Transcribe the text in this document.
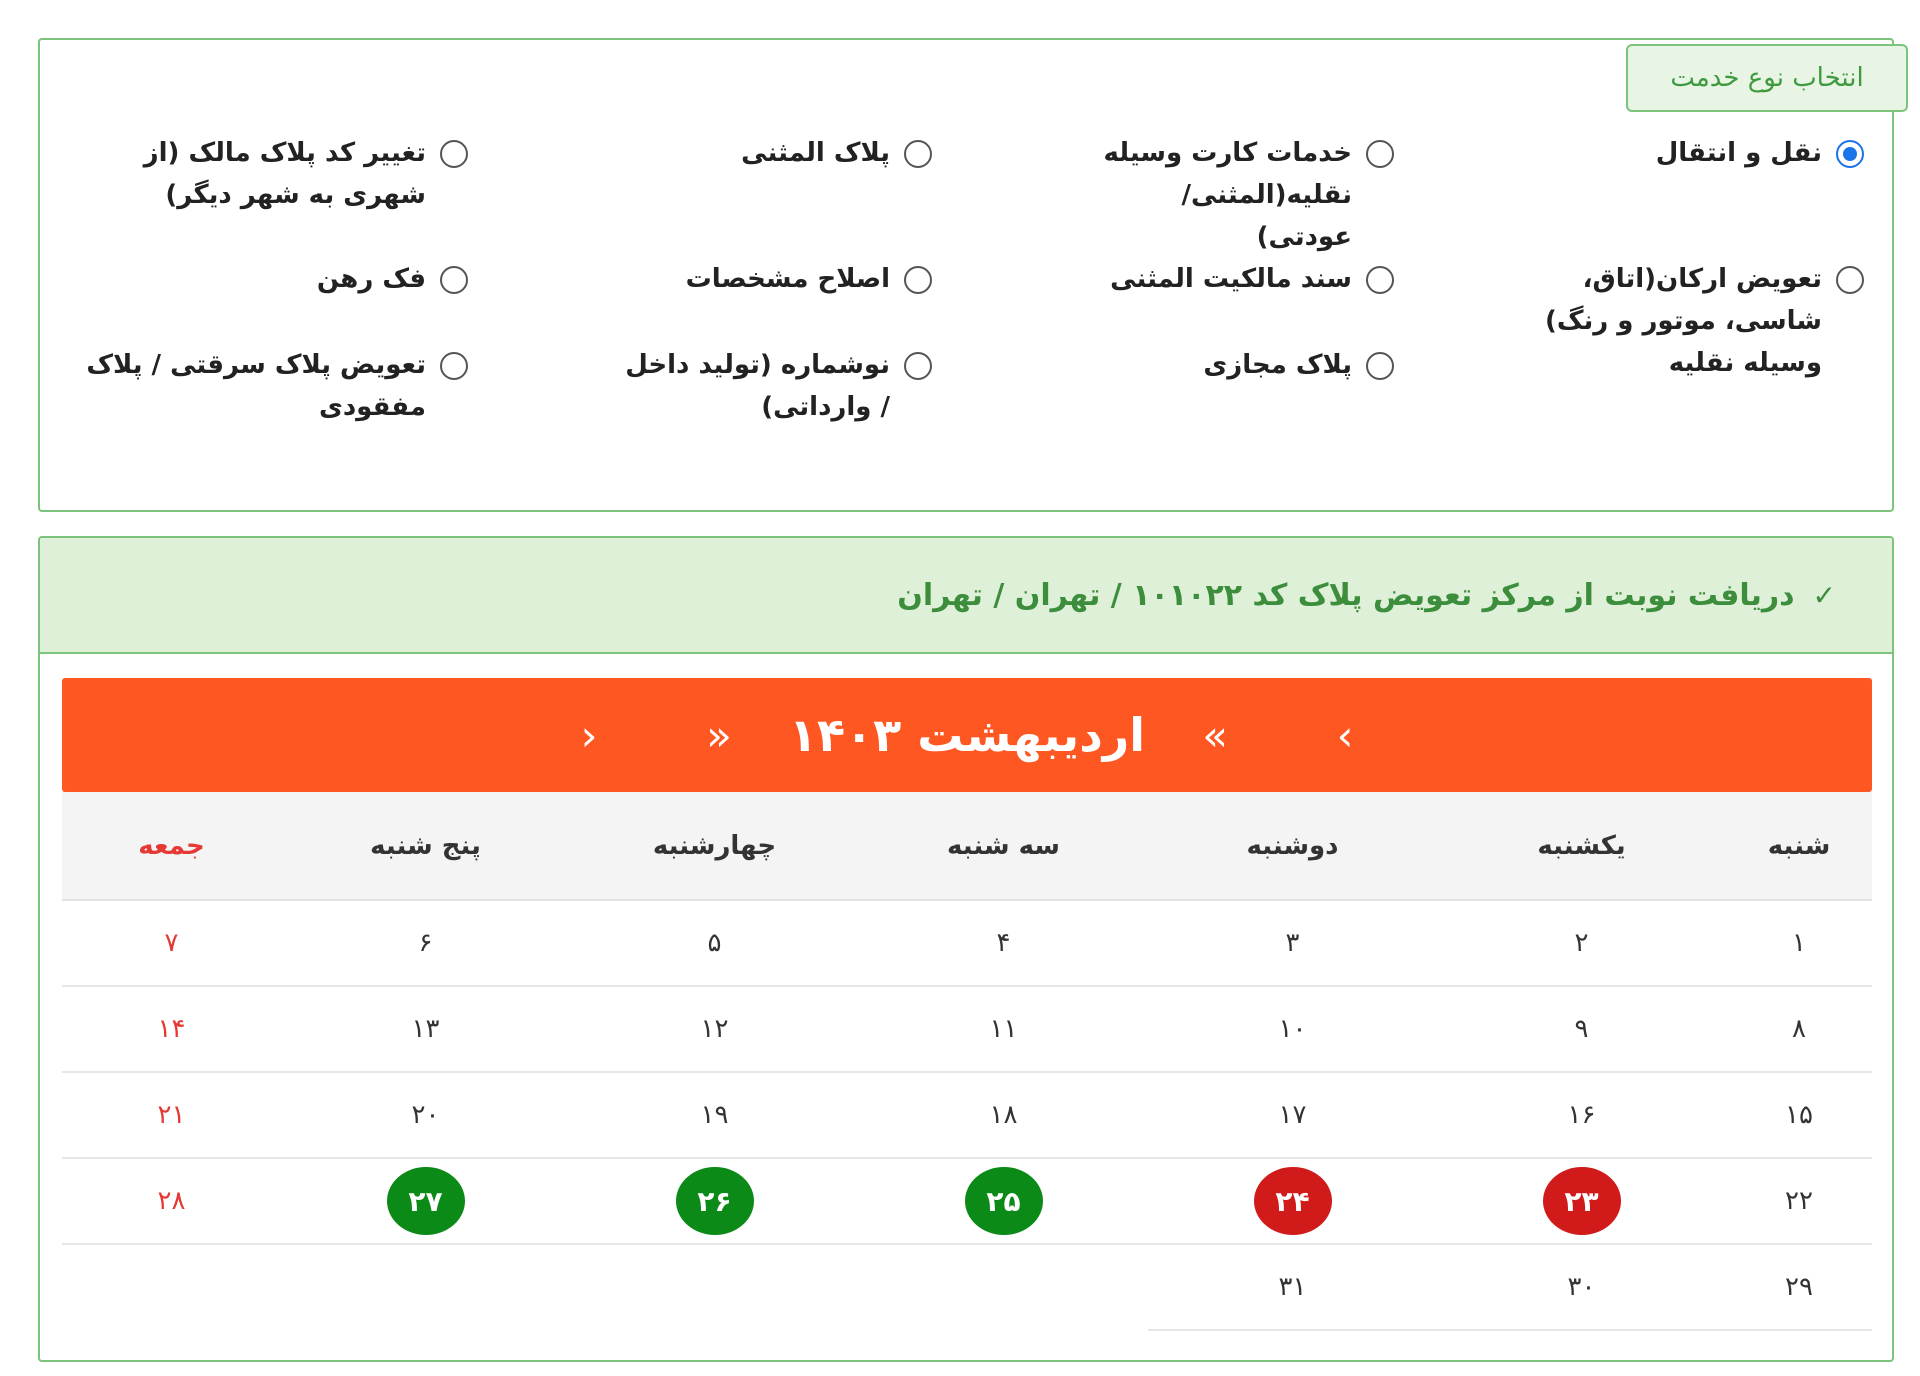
انتخاب نوع خدمت
نقل و انتقال
خدمات کارت وسیله نقلیه(المثنی/عودتی)
پلاک المثنی
تغییر کد پلاک مالک (از شهری به شهر دیگر)
تعویض ارکان(اتاق، شاسی، موتور و رنگ) وسیله نقلیه
سند مالکیت المثنی
اصلاح مشخصات
فک رهن
پلاک مجازی
نوشماره (تولید داخل / وارداتی)
تعویض پلاک سرقتی / پلاک مفقودی
✓
دریافت نوبت از مرکز تعویض پلاک کد ۱۰۱۰۲۲ / تهران / تهران
›
»
اردیبهشت ۱۴۰۳
«
‹
شنبه	یکشنبه	دوشنبه	سه شنبه	چهارشنبه	پنج شنبه	جمعه
۱	۲	۳	۴	۵	۶	۷
۸	۹	۱۰	۱۱	۱۲	۱۳	۱۴
۱۵	۱۶	۱۷	۱۸	۱۹	۲۰	۲۱
۲۲	۲۳	۲۴	۲۵	۲۶	۲۷	۲۸
۲۹	۳۰	۳۱				
